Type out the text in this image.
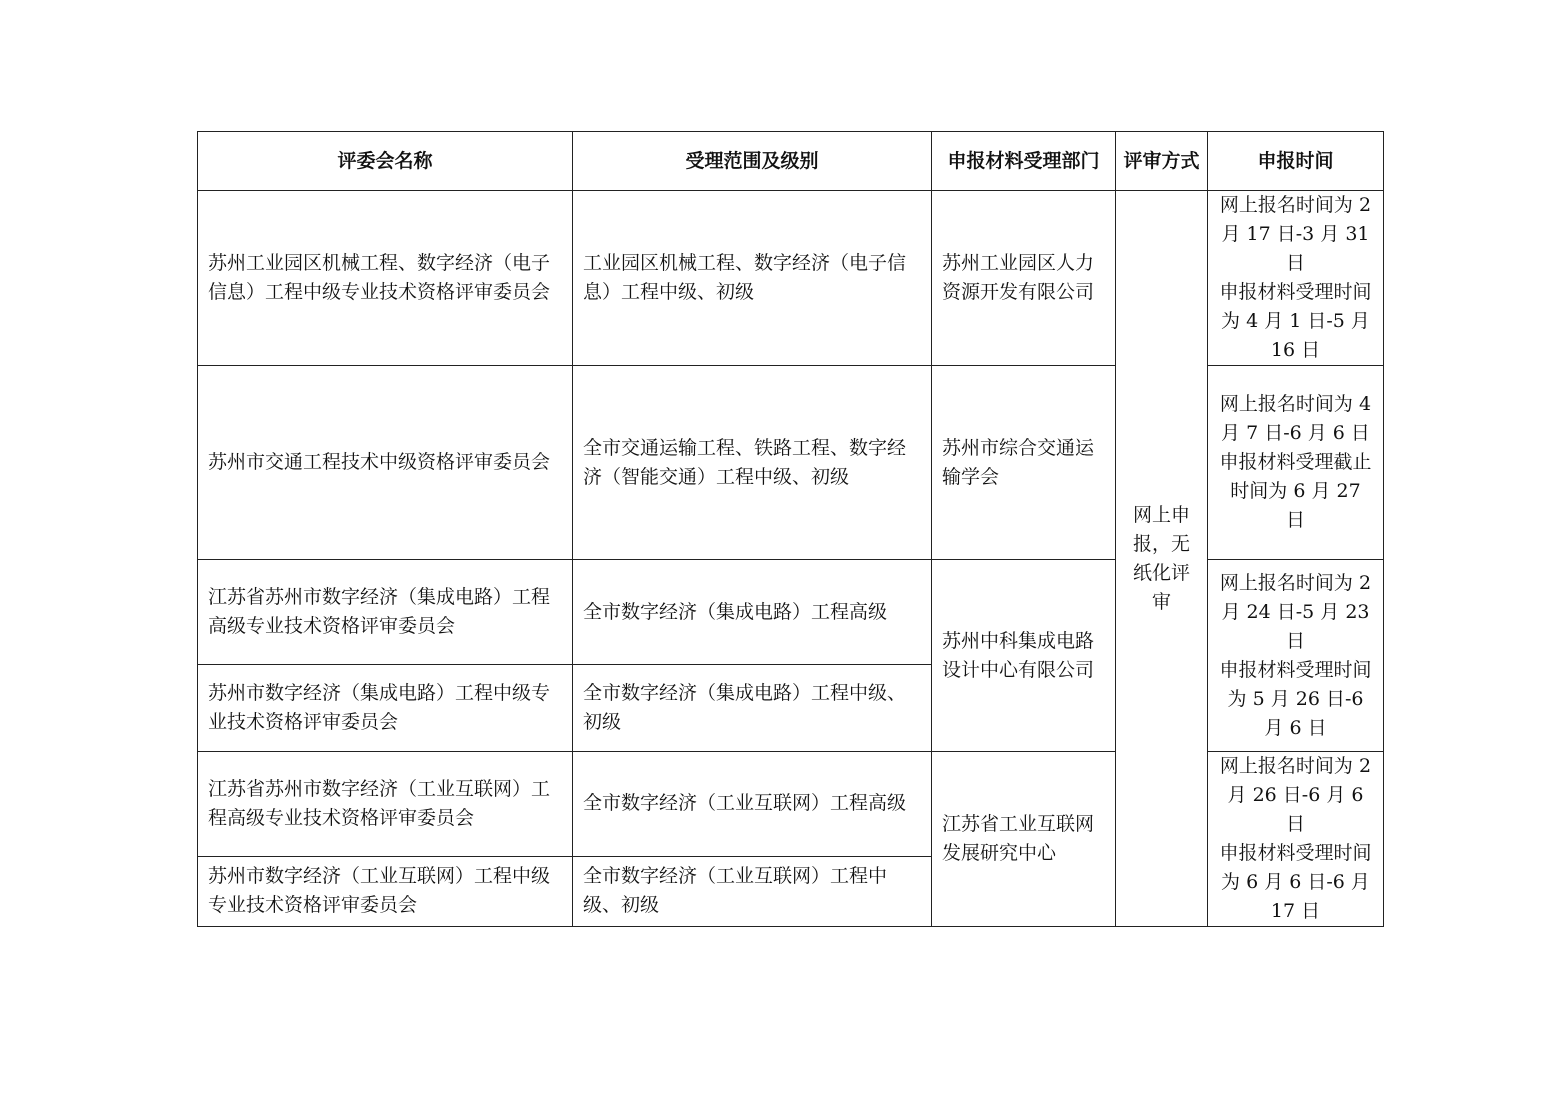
评委会名称	受理范围及级别	申报材料受理部门	评审方式	申报时间
苏州工业园区机械工程、数字经济（电子信息）工程中级专业技术资格评审委员会	工业园区机械工程、数字经济（电子信息）工程中级、初级	苏州工业园区人力资源开发有限公司	网上申报，无纸化评审	网上报名时间为 2 月 17 日-3 月 31 日
申报材料受理时间为 4 月 1 日-5 月 16 日

苏州市交通工程技术中级资格评审委员会	全市交通运输工程、铁路工程、数字经济（智能交通）工程中级、初级	苏州市综合交通运输学会		网上报名时间为 4 月 7 日-6 月 6 日
申报材料受理截止时间为 6 月 27 日

江苏省苏州市数字经济（集成电路）工程高级专业技术资格评审委员会	全市数字经济（集成电路）工程高级	苏州中科集成电路设计中心有限公司		网上报名时间为 2 月 24 日-5 月 23 日
申报材料受理时间为 5 月 26 日-6 月 6 日

苏州市数字经济（集成电路）工程中级专业技术资格评审委员会	全市数字经济（集成电路）工程中级、初级			
江苏省苏州市数字经济（工业互联网）工程高级专业技术资格评审委员会	全市数字经济（工业互联网）工程高级	江苏省工业互联网发展研究中心		网上报名时间为 2 月 26 日-6 月 6 日
申报材料受理时间为 6 月 6 日-6 月 17 日

苏州市数字经济（工业互联网）工程中级专业技术资格评审委员会	全市数字经济（工业互联网）工程中级、初级			
